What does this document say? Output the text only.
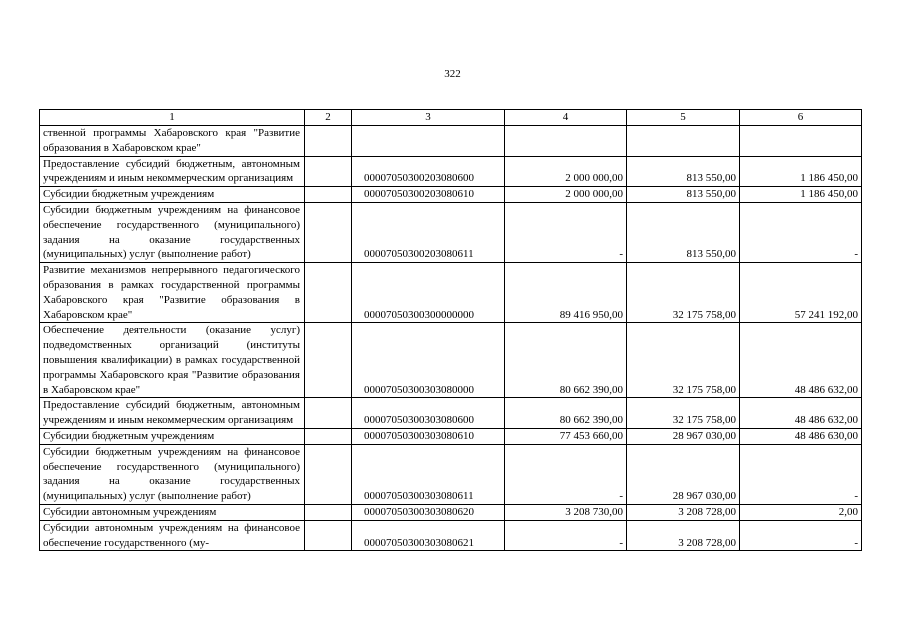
322
1	2	3	4	5	6
ственной программы Хабаровского края "Развитие образования в Хабаровском крае"					
Предоставление субсидий бюджетным, автономным учреждениям и иным некоммерческим организациям		00007050300203080600	2 000 000,00	813 550,00	1 186 450,00
Субсидии бюджетным учреждениям		00007050300203080610	2 000 000,00	813 550,00	1 186 450,00
Субсидии бюджетным учреждениям на финансовое обеспечение государственного (муниципального) задания на оказание государственных (муниципальных) услуг (выполнение работ)		00007050300203080611	-	813 550,00	-
Развитие механизмов непрерывного педагогического образования в рамках государственной программы Хабаровского края "Развитие образования в Хабаровском крае"		00007050300300000000	89 416 950,00	32 175 758,00	57 241 192,00
Обеспечение деятельности (оказание услуг) подведомственных организаций (институты повышения квалификации) в рамках государственной программы Хабаровского края "Развитие образования в Хабаровском крае"		00007050300303080000	80 662 390,00	32 175 758,00	48 486 632,00
Предоставление субсидий бюджетным, автономным учреждениям и иным некоммерческим организациям		00007050300303080600	80 662 390,00	32 175 758,00	48 486 632,00
Субсидии бюджетным учреждениям		00007050300303080610	77 453 660,00	28 967 030,00	48 486 630,00
Субсидии бюджетным учреждениям на финансовое обеспечение государственного (муниципального) задания на оказание государственных (муниципальных) услуг (выполнение работ)		00007050300303080611	-	28 967 030,00	-
Субсидии автономным учреждениям		00007050300303080620	3 208 730,00	3 208 728,00	2,00
Субсидии автономным учреждениям на финансовое обеспечение государственного (му-		00007050300303080621	-	3 208 728,00	-
